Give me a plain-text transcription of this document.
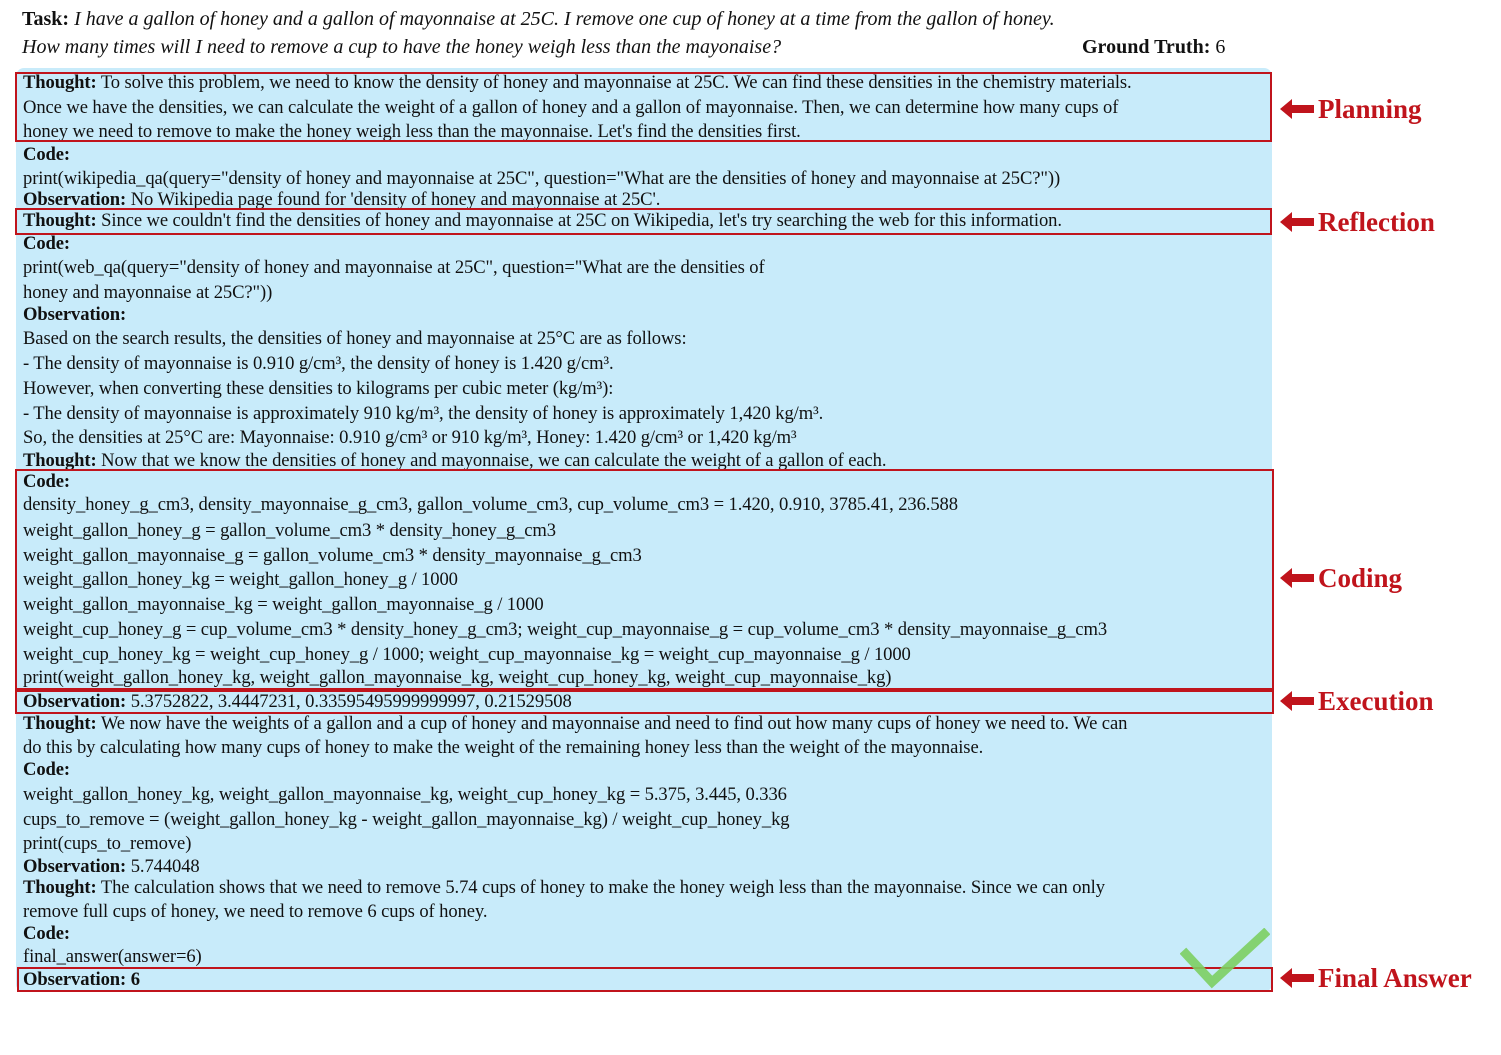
Task: I have a gallon of honey and a gallon of mayonnaise at 25C. I remove one cup of honey at a time from the gallon of honey.
How many times will I need to remove a cup to have the honey weigh less than the mayonaise?	Ground Truth: 6
Thought: To solve this problem, we need to know the density of honey and mayonnaise at 25C. We can find these densities in the chemistry materials.
Once we have the densities, we can calculate the weight of a gallon of honey and a gallon of mayonnaise. Then, we can determine how many cups of
honey we need to remove to make the honey weigh less than the mayonnaise. Let's find the densities first.
Code:
print(wikipedia_qa(query="density of honey and mayonnaise at 25C", question="What are the densities of honey and mayonnaise at 25C?"))
Observation: No Wikipedia page found for 'density of honey and mayonnaise at 25C'.
Thought: Since we couldn't find the densities of honey and mayonnaise at 25C on Wikipedia, let's try searching the web for this information.
Code:
print(web_qa(query="density of honey and mayonnaise at 25C", question="What are the densities of
honey and mayonnaise at 25C?"))
Observation:
Based on the search results, the densities of honey and mayonnaise at 25°C are as follows:
- The density of mayonnaise is 0.910 g/cm³, the density of honey is 1.420 g/cm³.
However, when converting these densities to kilograms per cubic meter (kg/m³):
- The density of mayonnaise is approximately 910 kg/m³, the density of honey is approximately 1,420 kg/m³.
So, the densities at 25°C are: Mayonnaise: 0.910 g/cm³ or 910 kg/m³, Honey: 1.420 g/cm³ or 1,420 kg/m³
Thought: Now that we know the densities of honey and mayonnaise, we can calculate the weight of a gallon of each.
Code:
density_honey_g_cm3, density_mayonnaise_g_cm3, gallon_volume_cm3, cup_volume_cm3 = 1.420, 0.910, 3785.41, 236.588
weight_gallon_honey_g = gallon_volume_cm3 * density_honey_g_cm3
weight_gallon_mayonnaise_g = gallon_volume_cm3 * density_mayonnaise_g_cm3
weight_gallon_honey_kg = weight_gallon_honey_g / 1000
weight_gallon_mayonnaise_kg = weight_gallon_mayonnaise_g / 1000
weight_cup_honey_g = cup_volume_cm3 * density_honey_g_cm3; weight_cup_mayonnaise_g = cup_volume_cm3 * density_mayonnaise_g_cm3
weight_cup_honey_kg = weight_cup_honey_g / 1000; weight_cup_mayonnaise_kg = weight_cup_mayonnaise_g / 1000
print(weight_gallon_honey_kg, weight_gallon_mayonnaise_kg, weight_cup_honey_kg, weight_cup_mayonnaise_kg)
Observation: 5.3752822, 3.4447231, 0.33595495999999997, 0.21529508
Thought: We now have the weights of a gallon and a cup of honey and mayonnaise and need to find out how many cups of honey we need to. We can
do this by calculating how many cups of honey to make the weight of the remaining honey less than the weight of the mayonnaise.
Code:
weight_gallon_honey_kg, weight_gallon_mayonnaise_kg, weight_cup_honey_kg = 5.375, 3.445, 0.336
cups_to_remove = (weight_gallon_honey_kg - weight_gallon_mayonnaise_kg) / weight_cup_honey_kg
print(cups_to_remove)
Observation: 5.744048
Thought: The calculation shows that we need to remove 5.74 cups of honey to make the honey weigh less than the mayonnaise. Since we can only
remove full cups of honey, we need to remove 6 cups of honey.
Code:
final_answer(answer=6)
Observation: 6
Planning
Reflection
Coding
Execution
Final Answer
